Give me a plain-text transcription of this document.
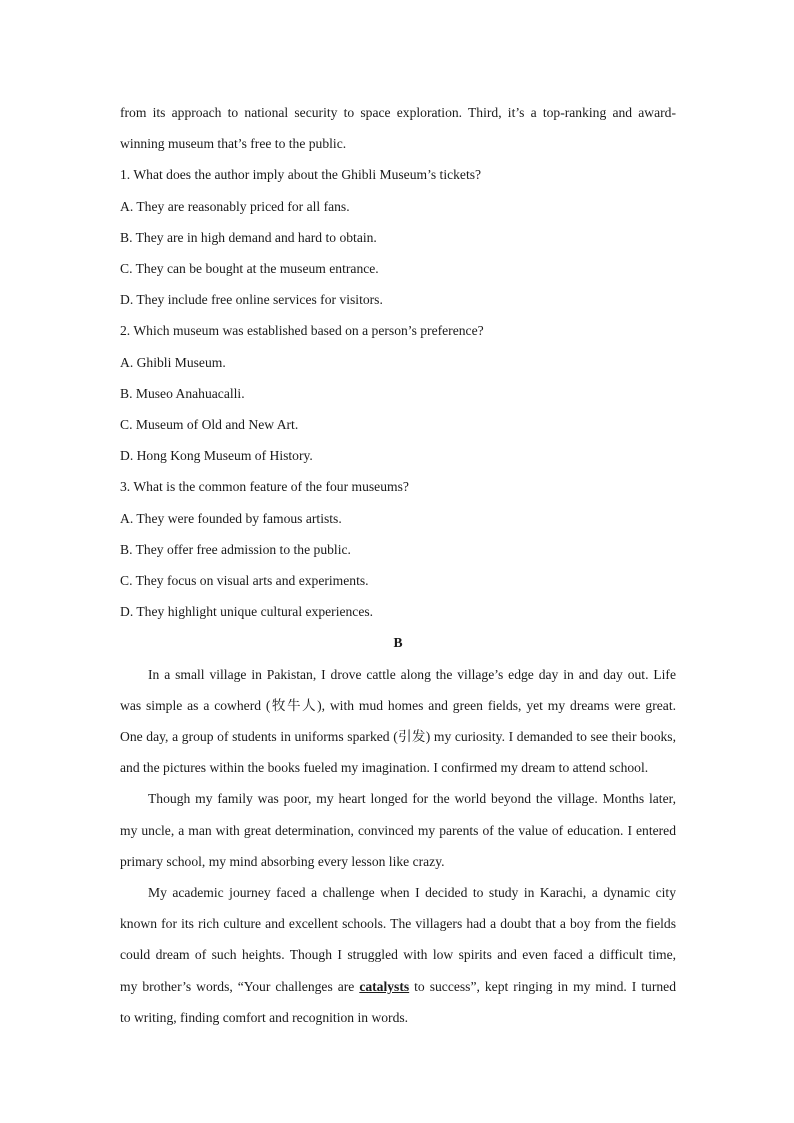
from its approach to national security to space exploration. Third, it’s a top-ranking and award-

winning museum that’s free to the public.

1. What does the author imply about the Ghibli Museum’s tickets?

A. They are reasonably priced for all fans.

B. They are in high demand and hard to obtain.

C. They can be bought at the museum entrance.

D. They include free online services for visitors.

2. Which museum was established based on a person’s preference?

A. Ghibli Museum.

B. Museo Anahuacalli.

C. Museum of Old and New Art.

D. Hong Kong Museum of History.

3. What is the common feature of the four museums?

A. They were founded by famous artists.

B. They offer free admission to the public.

C. They focus on visual arts and experiments.

D. They highlight unique cultural experiences.

B

In a small village in Pakistan, I drove cattle along the village’s edge day in and day out. Life

was simple as a cowherd (牧牛人), with mud homes and green fields, yet my dreams were great.

One day, a group of students in uniforms sparked (引发) my curiosity. I demanded to see their books,

and the pictures within the books fueled my imagination. I confirmed my dream to attend school.

Though my family was poor, my heart longed for the world beyond the village. Months later,

my uncle, a man with great determination, convinced my parents of the value of education. I entered

primary school, my mind absorbing every lesson like crazy.

My academic journey faced a challenge when I decided to study in Karachi, a dynamic city

known for its rich culture and excellent schools. The villagers had a doubt that a boy from the fields

could dream of such heights. Though I struggled with low spirits and even faced a difficult time,

my brother’s words, “Your challenges are catalysts to success”, kept ringing in my mind. I turned

to writing, finding comfort and recognition in words.
